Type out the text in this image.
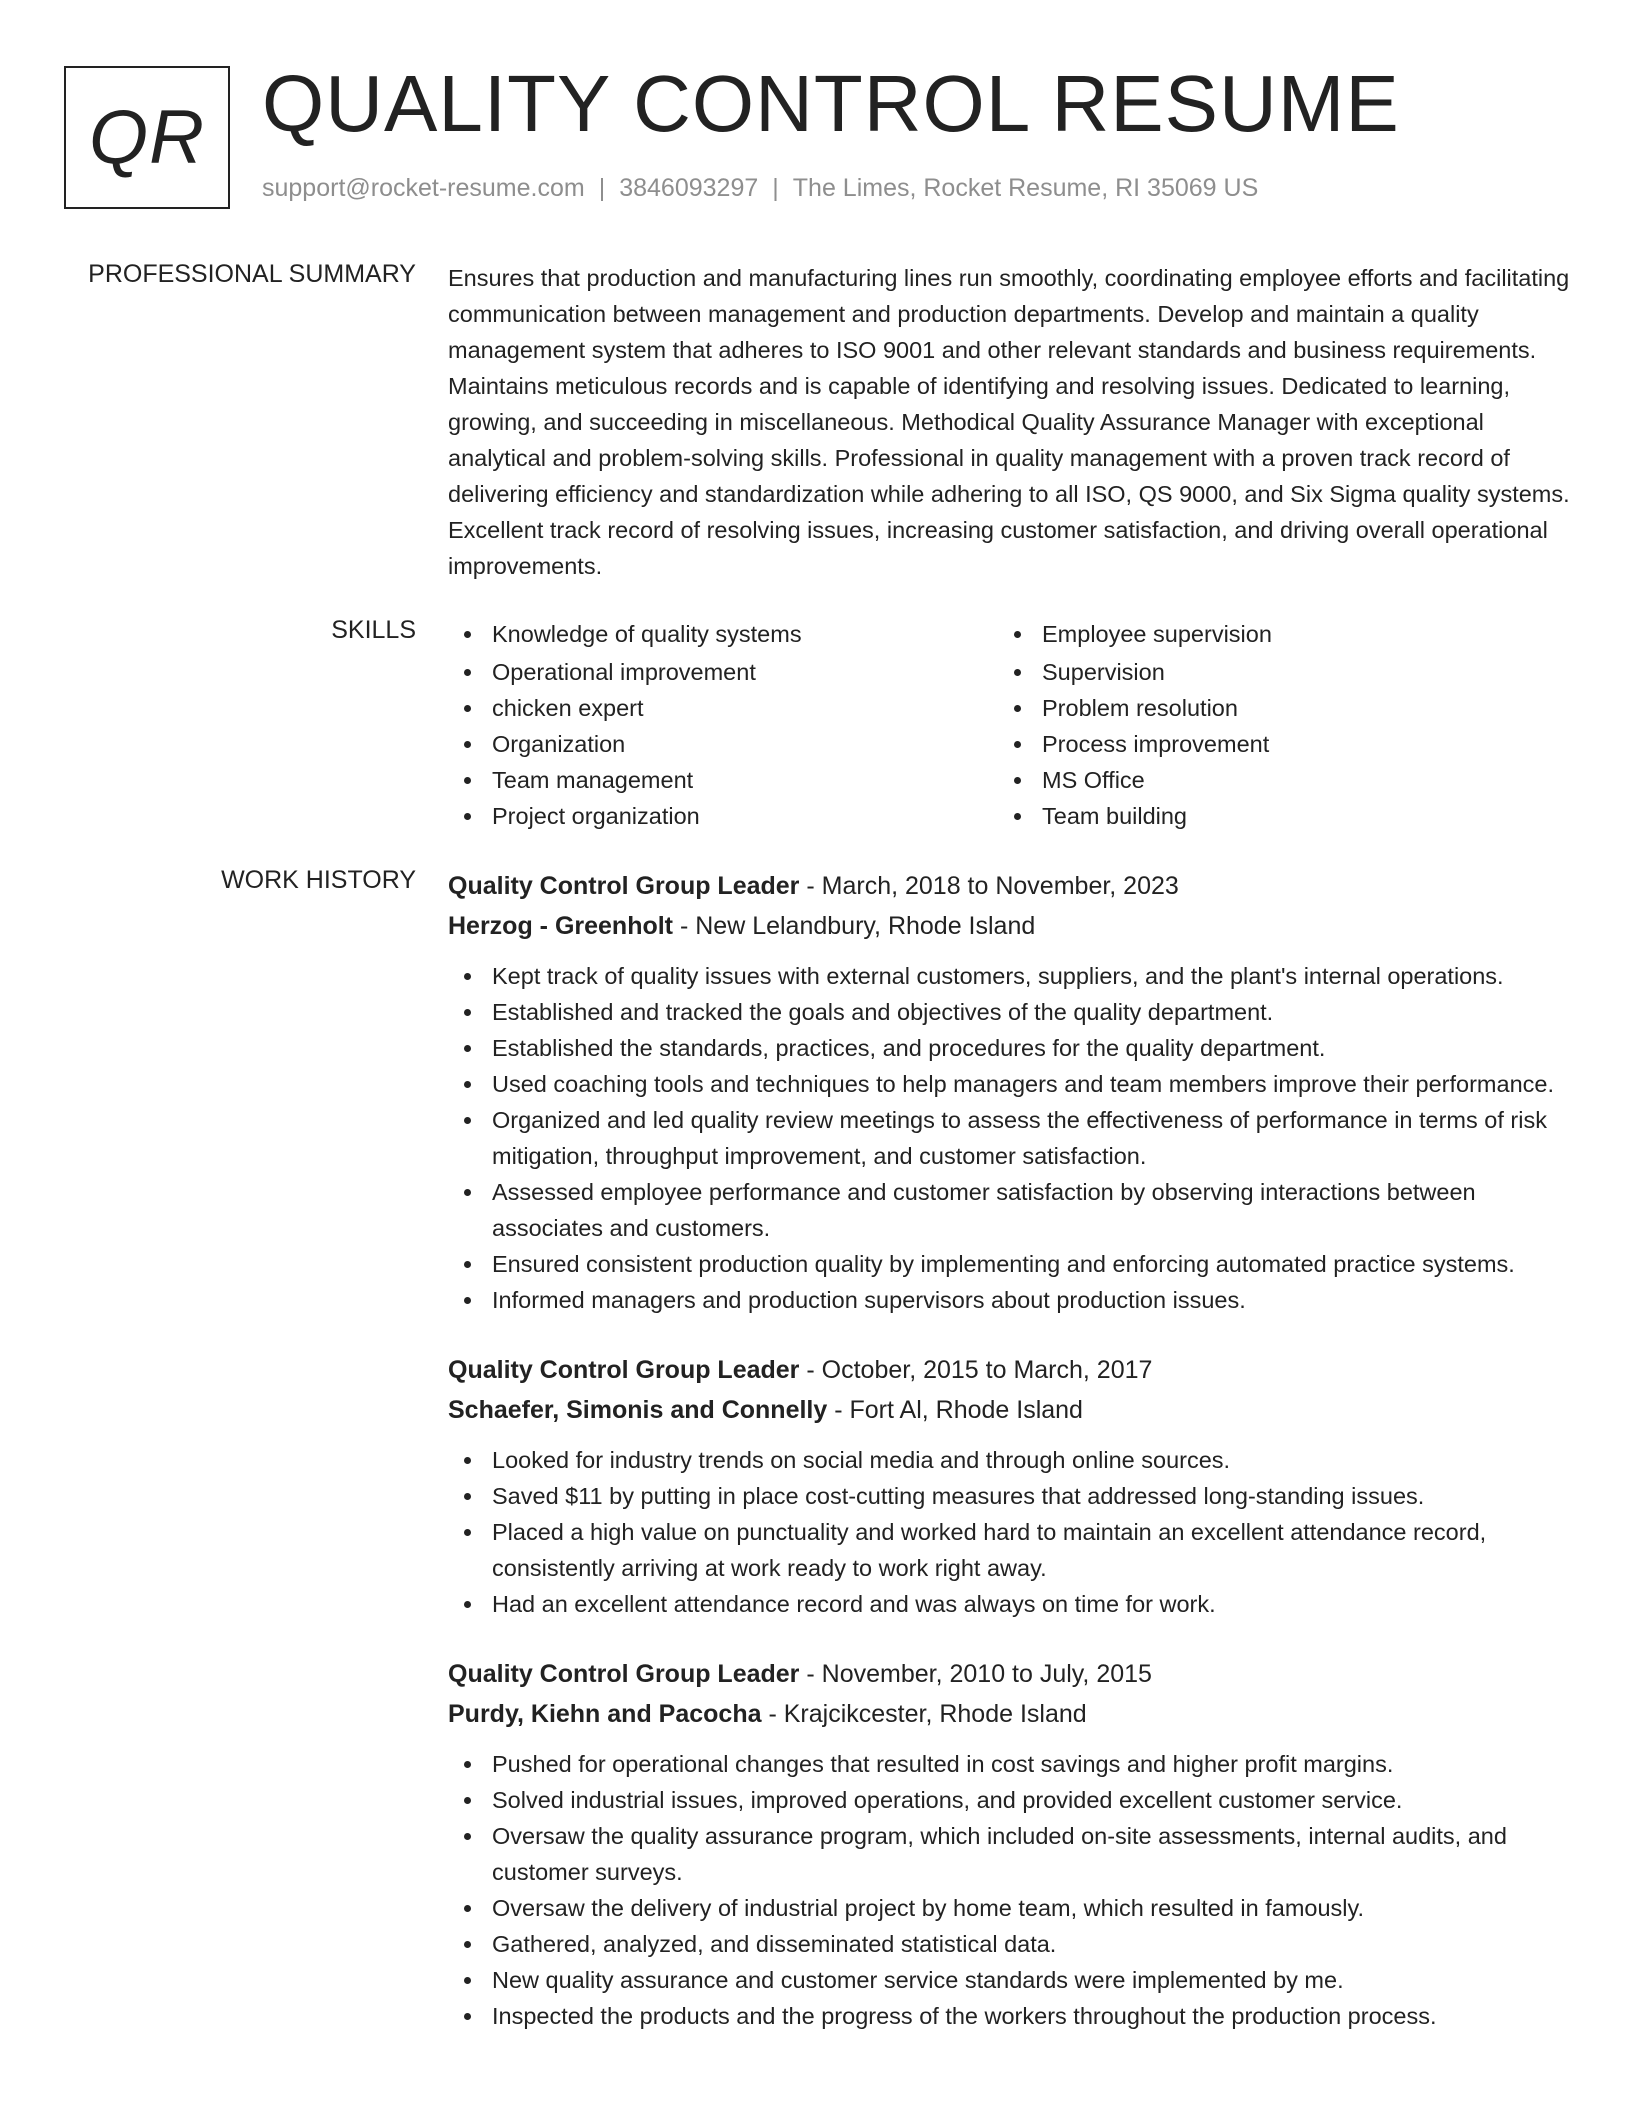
QR QUALITY CONTROL RESUME
support@rocket-resume.com | 3846093297 | The Limes, Rocket Resume, RI 35069 US
PROFESSIONAL SUMMARY Ensures that production and manufacturing lines run smoothly, coordinating employee efforts and facilitating communication between management and production departments. Develop and maintain a quality management system that adheres to ISO 9001 and other relevant standards and business requirements. Maintains meticulous records and is capable of identifying and resolving issues. Dedicated to learning, growing, and succeeding in miscellaneous. Methodical Quality Assurance Manager with exceptional analytical and problem-solving skills. Professional in quality management with a proven track record of delivering efficiency and standardization while adhering to all ISO, QS 9000, and Six Sigma quality systems. Excellent track record of resolving issues, increasing customer satisfaction, and driving overall operational improvements.

SKILLS	Knowledge of quality systems
Operational improvement
chicken expert
Organization
Team management
Project organization
Employee supervision
Supervision
Problem resolution
Process improvement
MS Office
Team building
WORK HISTORY Quality Control Group Leader - March, 2018 to November, 2023
Herzog - Greenholt - New Lelandbury, Rhode Island
Kept track of quality issues with external customers, suppliers, and the plant's internal operations.
Established and tracked the goals and objectives of the quality department.
Established the standards, practices, and procedures for the quality department.
Used coaching tools and techniques to help managers and team members improve their performance.
Organized and led quality review meetings to assess the effectiveness of performance in terms of risk mitigation, throughput improvement, and customer satisfaction.
Assessed employee performance and customer satisfaction by observing interactions between associates and customers.
Ensured consistent production quality by implementing and enforcing automated practice systems.
Informed managers and production supervisors about production issues.
Quality Control Group Leader - October, 2015 to March, 2017
Schaefer, Simonis and Connelly - Fort Al, Rhode Island
Looked for industry trends on social media and through online sources.
Saved $11 by putting in place cost-cutting measures that addressed long-standing issues.
Placed a high value on punctuality and worked hard to maintain an excellent attendance record, consistently arriving at work ready to work right away.
Had an excellent attendance record and was always on time for work.
Quality Control Group Leader - November, 2010 to July, 2015
Purdy, Kiehn and Pacocha - Krajcikcester, Rhode Island
Pushed for operational changes that resulted in cost savings and higher profit margins.
Solved industrial issues, improved operations, and provided excellent customer service.
Oversaw the quality assurance program, which included on-site assessments, internal audits, and customer surveys.
Oversaw the delivery of industrial project by home team, which resulted in famously.
Gathered, analyzed, and disseminated statistical data.
New quality assurance and customer service standards were implemented by me.
Inspected the products and the progress of the workers throughout the production process.
